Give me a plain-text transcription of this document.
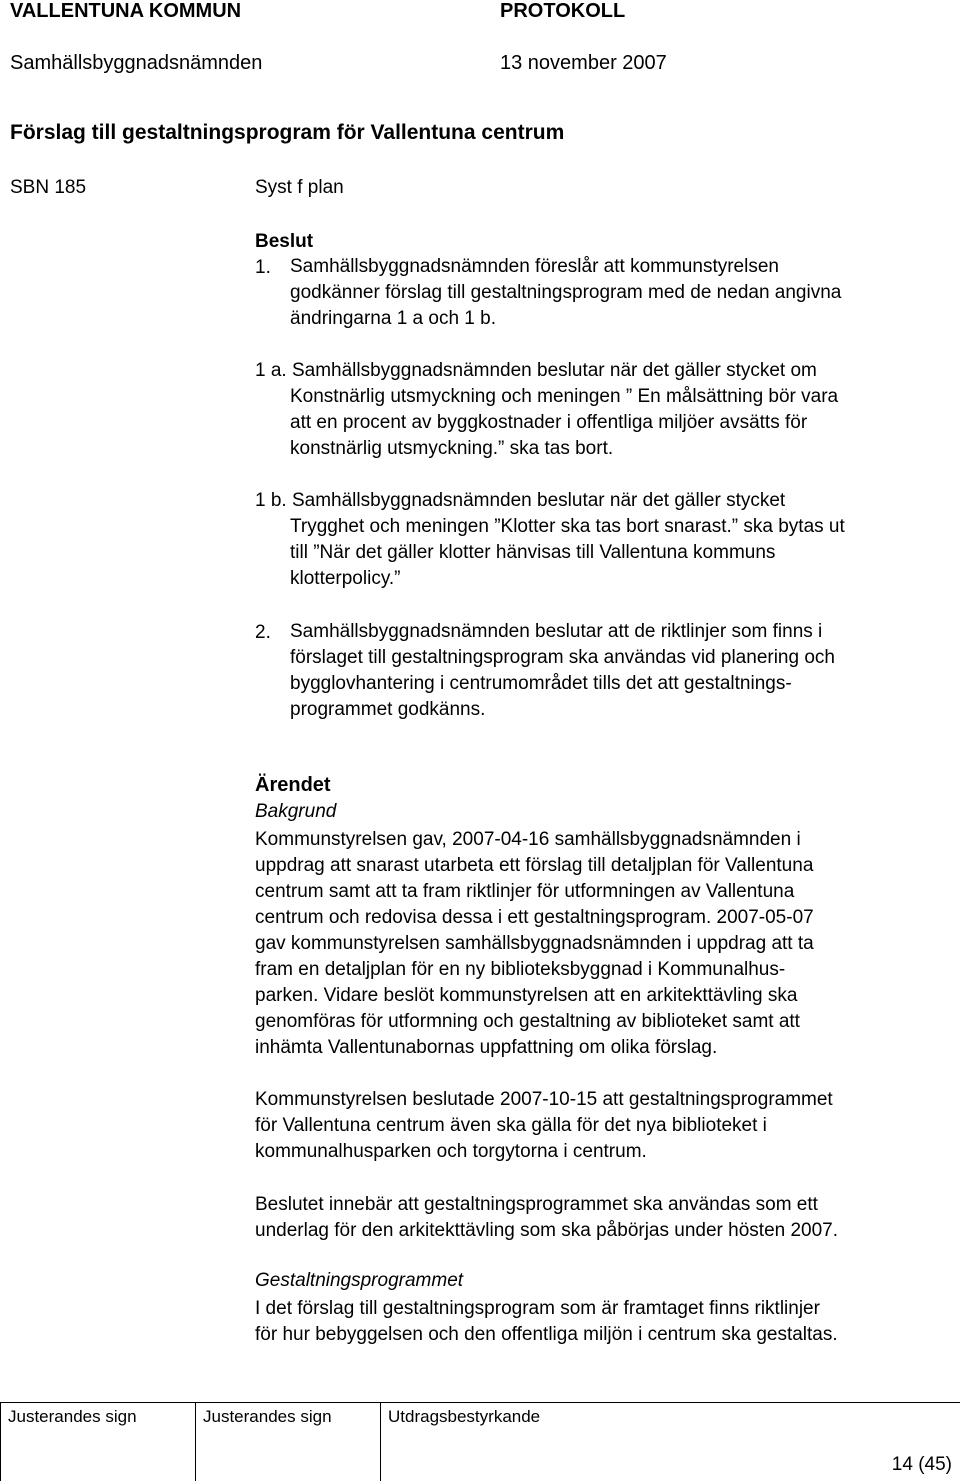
VALLENTUNA KOMMUN	PROTOKOLL
Samhällsbyggnadsnämnden	13 november 2007
Förslag till gestaltningsprogram för Vallentuna centrum
SBN 185	Syst f plan
Beslut
1. Samhällsbyggnadsnämnden föreslår att kommunstyrelsen
godkänner förslag till gestaltningsprogram med de nedan angivna
ändringarna 1 a och 1 b.
1 a. Samhällsbyggnadsnämnden beslutar när det gäller stycket om
Konstnärlig utsmyckning och meningen ” En målsättning bör vara
att en procent av byggkostnader i offentliga miljöer avsätts för
konstnärlig utsmyckning.” ska tas bort.
1 b. Samhällsbyggnadsnämnden beslutar när det gäller stycket
Trygghet och meningen ”Klotter ska tas bort snarast.” ska bytas ut
till ”När det gäller klotter hänvisas till Vallentuna kommuns
klotterpolicy.”
2. Samhällsbyggnadsnämnden beslutar att de riktlinjer som finns i
förslaget till gestaltningsprogram ska användas vid planering och
bygglovhantering i centrumområdet tills det att gestaltnings-
programmet godkänns.
Ärendet
Bakgrund
Kommunstyrelsen gav, 2007-04-16 samhällsbyggnadsnämnden i
uppdrag att snarast utarbeta ett förslag till detaljplan för Vallentuna
centrum samt att ta fram riktlinjer för utformningen av Vallentuna
centrum och redovisa dessa i ett gestaltningsprogram. 2007-05-07
gav kommunstyrelsen samhällsbyggnadsnämnden i uppdrag att ta
fram en detaljplan för en ny biblioteksbyggnad i Kommunalhus-
parken. Vidare beslöt kommunstyrelsen att en arkitekttävling ska
genomföras för utformning och gestaltning av biblioteket samt att
inhämta Vallentunabornas uppfattning om olika förslag.
Kommunstyrelsen beslutade 2007-10-15 att gestaltningsprogrammet
för Vallentuna centrum även ska gälla för det nya biblioteket i
kommunalhusparken och torgytorna i centrum.
Beslutet innebär att gestaltningsprogrammet ska användas som ett
underlag för den arkitekttävling som ska påbörjas under hösten 2007.
Gestaltningsprogrammet
I det förslag till gestaltningsprogram som är framtaget finns riktlinjer
för hur bebyggelsen och den offentliga miljön i centrum ska gestaltas.
Justerandes sign	Justerandes sign	Utdragsbestyrkande
14 (45)
